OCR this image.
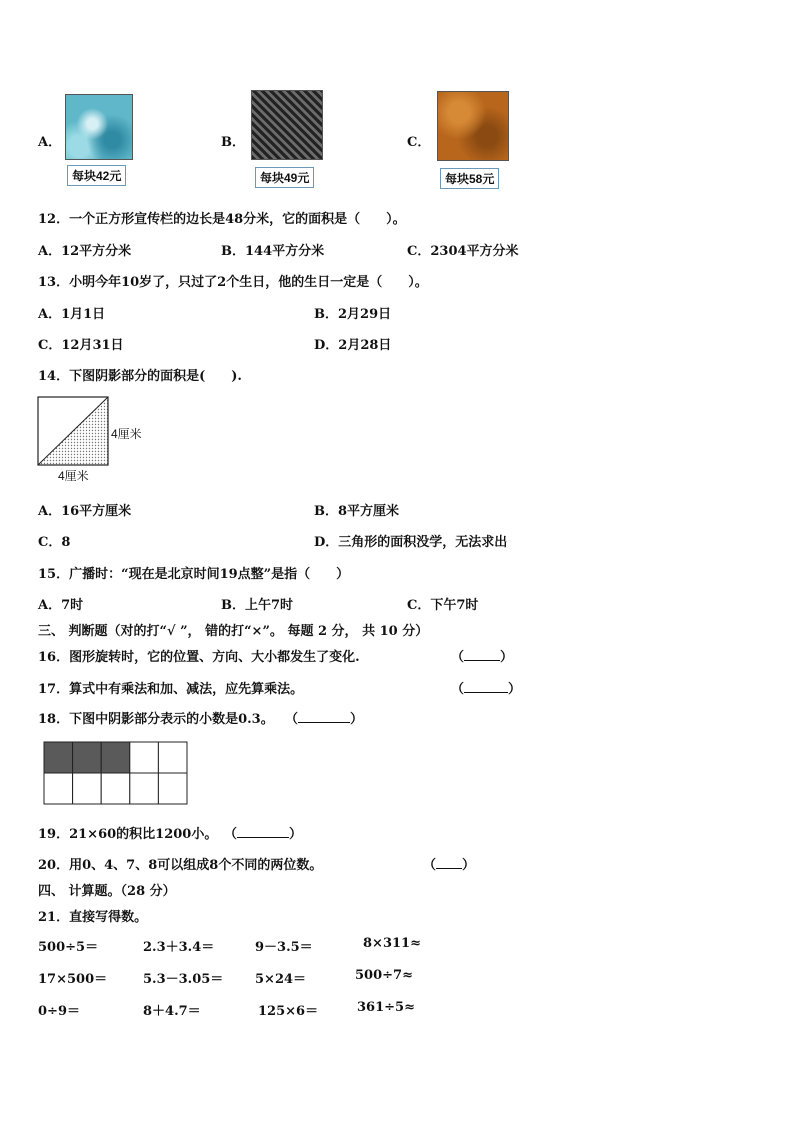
A．
每块42元
B．
每块49元
C．
每块58元
12．一个正方形宣传栏的边长是48分米，它的面积是（　　）。
A．12平方分米	B．144平方分米	C．2304平方分米
13．小明今年10岁了，只过了2个生日，他的生日一定是（　　）。
A．1月1日	B．2月29日
C．12月31日	D．2月28日
14．下图阴影部分的面积是(　　).
4厘米
4厘米
A．16平方厘米	B．8平方厘米
C．8	D．三角形的面积没学，无法求出
15．广播时：“现在是北京时间19点整”是指（　　）
A．7时	B．上午7时	C．下午7时
三、 判断题（对的打“√ ”， 错的打“×”。 每题 2 分， 共 10 分）
16．图形旋转时，它的位置、方向、大小都发生了变化.	（	）
17．算式中有乘法和加、减法，应先算乘法。	（	）
18．下图中阴影部分表示的小数是0.3。 （	）
19．21×60的积比1200小。 （	）
20．用0、4、7、8可以组成8个不同的两位数。	（ ）
四、 计算题。（28 分）
21．直接写得数。
500÷5＝	2.3＋3.4＝	9－3.5＝	8×311≈
17×500＝	5.3－3.05＝ 5×24＝	500÷7≈
0÷9＝	8＋4.7＝	125×6＝	361÷5≈
